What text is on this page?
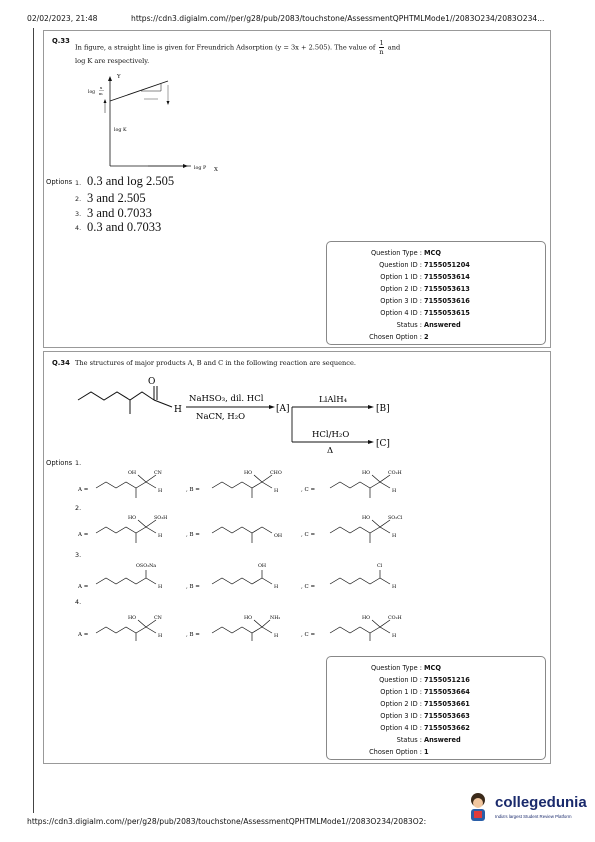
02/02/2023, 21:48	https://cdn3.digialm.com//per/g28/pub/2083/touchstone/AssessmentQPHTMLMode1//2083O234/2083O234...
Q.33
In figure, a straight line is given for Freundrich Adsorption (y = 3x + 2.505). The value of $\frac{1}{n}$ and
log K are respectively.
Y
X
log
x
m
log K
log P
Options 1. 0.3 and log 2.505
2. 3 and 2.505
3. 3 and 0.7033
4. 0.3 and 0.7033
Question Type : MCQ
Question ID : 7155051204
Option 1 ID : 7155053614
Option 2 ID : 7155053613
Option 3 ID : 7155053616
Option 4 ID : 7155053615
Status : Answered
Chosen Option : 2
Q.34 The structures of major products A, B and C in the following reaction are sequence.
O
H
NaHSO₃, dil. HCl
NaCN, H₂O
[A]
LiAlH₄
[B]
HCl/H₂O
Δ
[C]
Options 1.
A =
OH	CN
H	, B =
HO	CHO
H	, C =
HO	CO₂H
H
2.
A =
HO	SO₃H
H	, B =	OH	, C =
HO	SO₂Cl
H
3.
A =
OSO₃Na
H	, B =
OH
H	, C =
Cl
H
4.
A =
HO	CN
H	, B =
HO	NH₂
H	, C =
HO	CO₂H
H
Question Type : MCQ
Question ID : 7155051216
Option 1 ID : 7155053664
Option 2 ID : 7155053661
Option 3 ID : 7155053663
Option 4 ID : 7155053662
Status : Answered
Chosen Option : 1
https://cdn3.digialm.com//per/g28/pub/2083/touchstone/AssessmentQPHTMLMode1//2083O234/2083O2:
collegedunia
India's largest Student Review Platform
